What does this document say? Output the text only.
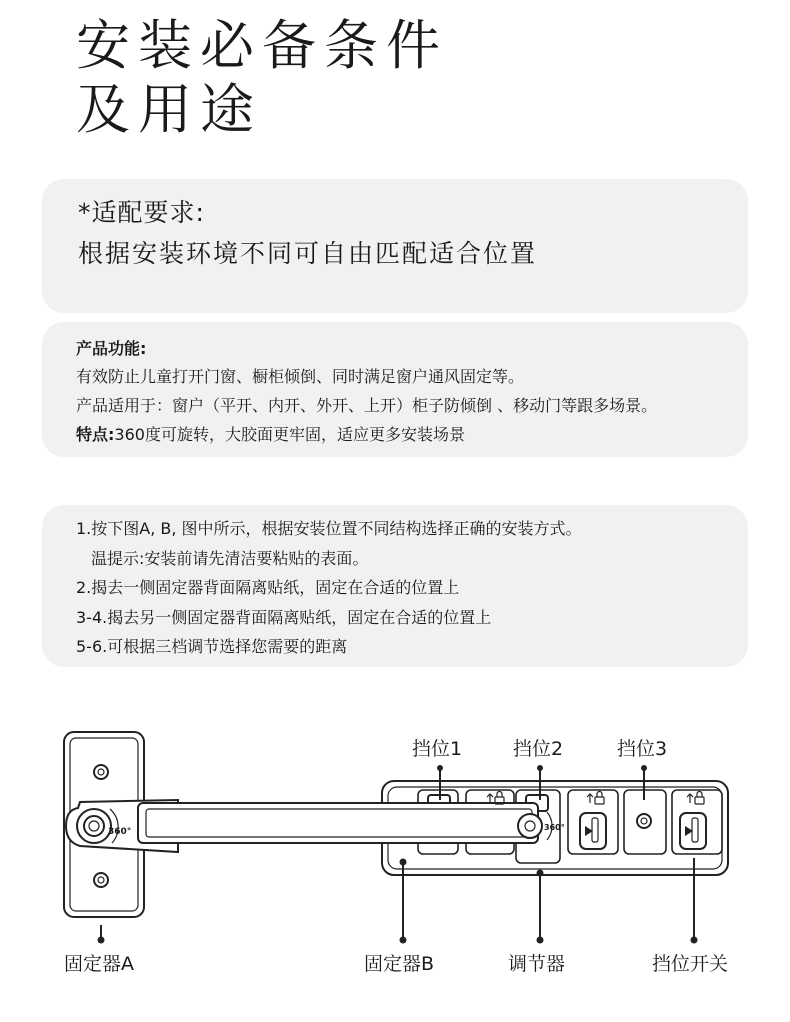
安装必备条件
及用途
*适配要求:
根据安装环境不同可自由匹配适合位置
产品功能:
有效防止儿童打开门窗、橱柜倾倒、同时满足窗户通风固定等。
产品适用于：窗户（平开、内开、外开、上开）柜子防倾倒 、移动门等跟多场景。
特点:360度可旋转，大胶面更牢固，适应更多安装场景
1.按下图A, B, 图中所示，根据安装位置不同结构选择正确的安装方式。
温提示:安装前请先清洁要粘贴的表面。
2.揭去一侧固定器背面隔离贴纸，固定在合适的位置上
3-4.揭去另一侧固定器背面隔离贴纸，固定在合适的位置上
5-6.可根据三档调节选择您需要的距离
360°	360°
挡位1	挡位2	挡位3
固定器A	固定器B	调节器	挡位开关
